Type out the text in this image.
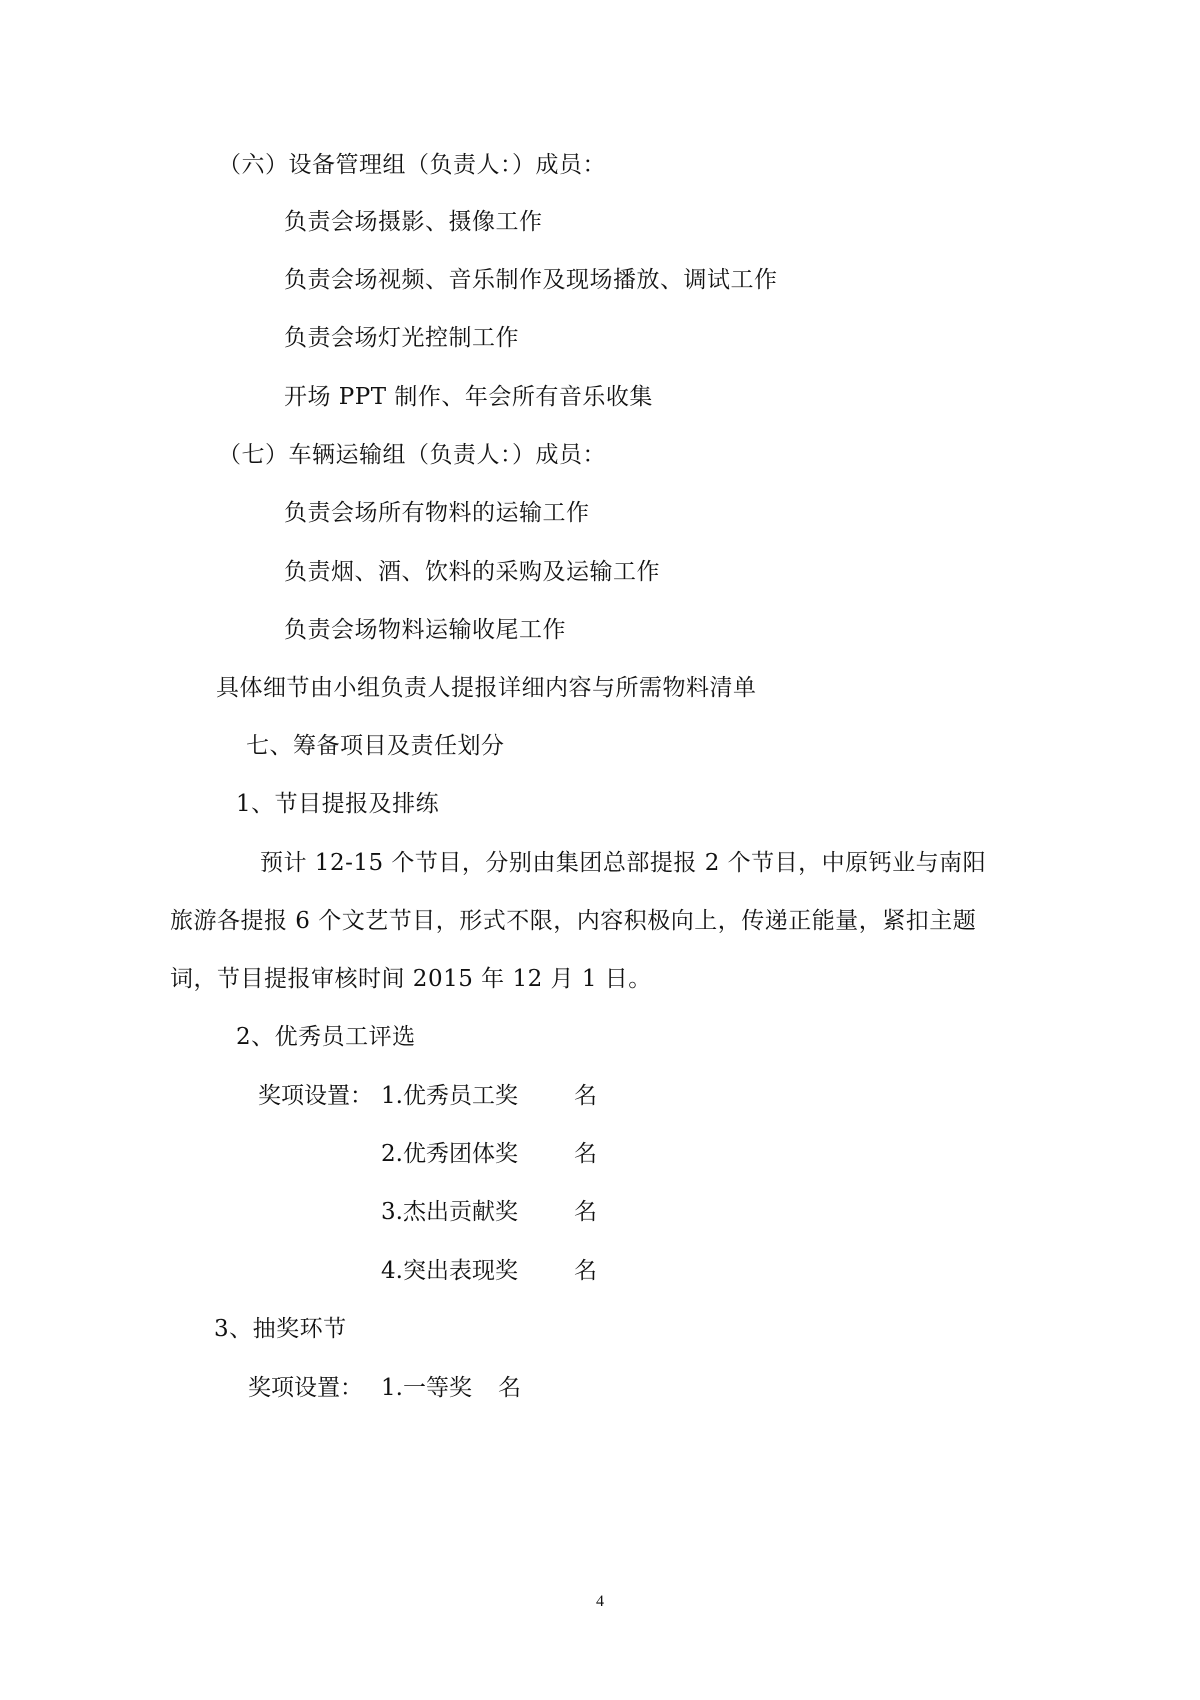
（六）设备管理组（负责人：）成员：
负责会场摄影、摄像工作
负责会场视频、音乐制作及现场播放、调试工作
负责会场灯光控制工作
开场 PPT 制作、年会所有音乐收集
（七）车辆运输组（负责人：）成员：
负责会场所有物料的运输工作
负责烟、酒、饮料的采购及运输工作
负责会场物料运输收尾工作
具体细节由小组负责人提报详细内容与所需物料清单
七、筹备项目及责任划分
1、节目提报及排练
预计 12-15 个节目，分别由集团总部提报 2 个节目，中原钙业与南阳
旅游各提报 6 个文艺节目，形式不限，内容积极向上，传递正能量，紧扣主题
词，节目提报审核时间 2015 年 12 月 1 日。
2、优秀员工评选
奖项设置： 1.优秀员工奖 名
2.优秀团体奖 名
3.杰出贡献奖 名
4.突出表现奖 名
3、抽奖环节
奖项设置： 1.一等奖 名
4
